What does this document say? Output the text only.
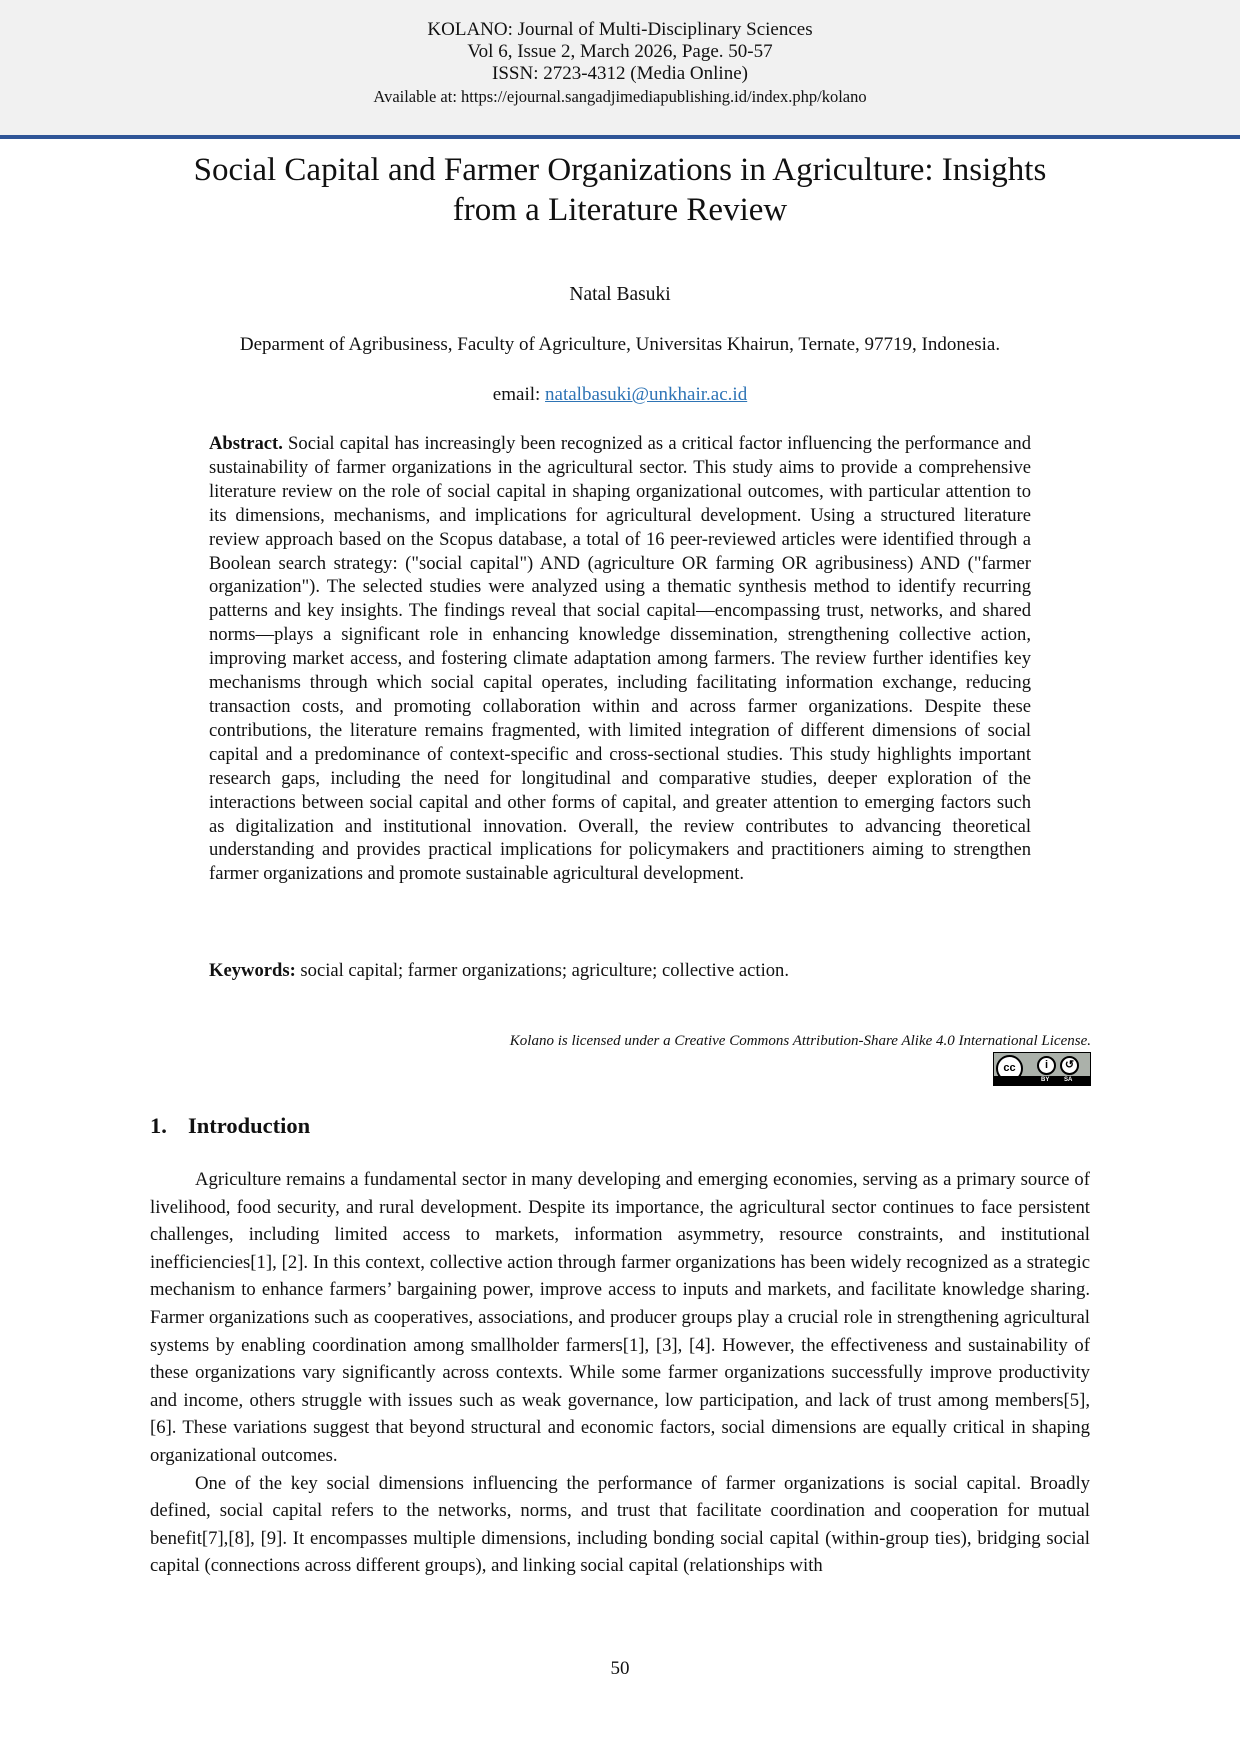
KOLANO: Journal of Multi-Disciplinary Sciences
Vol 6, Issue 2, March 2026, Page. 50-57
ISSN: 2723-4312 (Media Online)
Available at: https://ejournal.sangadjimediapublishing.id/index.php/kolano
Social Capital and Farmer Organizations in Agriculture: Insights
from a Literature Review
Natal Basuki
Deparment of Agribusiness, Faculty of Agriculture, Universitas Khairun, Ternate, 97719, Indonesia.
email: natalbasuki@unkhair.ac.id

Abstract. Social capital has increasingly been recognized as a critical factor influencing the performance and sustainability of farmer organizations in the agricultural sector. This study aims to provide a comprehensive literature review on the role of social capital in shaping organizational outcomes, with particular attention to its dimensions, mechanisms, and implications for agricultural development. Using a structured literature review approach based on the Scopus database, a total of 16 peer-reviewed articles were identified through a Boolean search strategy: ("social capital") AND (agriculture OR farming OR agribusiness) AND ("farmer organization"). The selected studies were analyzed using a thematic synthesis method to identify recurring patterns and key insights. The findings reveal that social capital—encompassing trust, networks, and shared norms—plays a significant role in enhancing knowledge dissemination, strengthening collective action, improving market access, and fostering climate adaptation among farmers. The review further identifies key mechanisms through which social capital operates, including facilitating information exchange, reducing transaction costs, and promoting collaboration within and across farmer organizations. Despite these contributions, the literature remains fragmented, with limited integration of different dimensions of social capital and a predominance of context-specific and cross-sectional studies. This study highlights important research gaps, including the need for longitudinal and comparative studies, deeper exploration of the interactions between social capital and other forms of capital, and greater attention to emerging factors such as digitalization and institutional innovation. Overall, the review contributes to advancing theoretical understanding and provides practical implications for policymakers and practitioners aiming to strengthen farmer organizations and promote sustainable agricultural development.

Keywords: social capital; farmer organizations; agriculture; collective action.

Kolano is licensed under a Creative Commons Attribution-Share Alike 4.0 International License.
cc	i	↺
BY SA
1. Introduction

Agriculture remains a fundamental sector in many developing and emerging economies, serving as a primary source of livelihood, food security, and rural development. Despite its importance, the agricultural sector continues to face persistent challenges, including limited access to markets, information asymmetry, resource constraints, and institutional inefficiencies[1], [2]. In this context, collective action through farmer organizations has been widely recognized as a strategic mechanism to enhance farmers’ bargaining power, improve access to inputs and markets, and facilitate knowledge sharing. Farmer organizations such as cooperatives, associations, and producer groups play a crucial role in strengthening agricultural systems by enabling coordination among smallholder farmers[1], [3], [4]. However, the effectiveness and sustainability of these organizations vary significantly across contexts. While some farmer organizations successfully improve productivity and income, others struggle with issues such as weak governance, low participation, and lack of trust among members[5], [6]. These variations suggest that beyond structural and economic factors, social dimensions are equally critical in shaping organizational outcomes.

One of the key social dimensions influencing the performance of farmer organizations is social capital. Broadly defined, social capital refers to the networks, norms, and trust that facilitate coordination and cooperation for mutual benefit[7],[8], [9]. It encompasses multiple dimensions, including bonding social capital (within-group ties), bridging social capital (connections across different groups), and linking social capital (relationships with

50
